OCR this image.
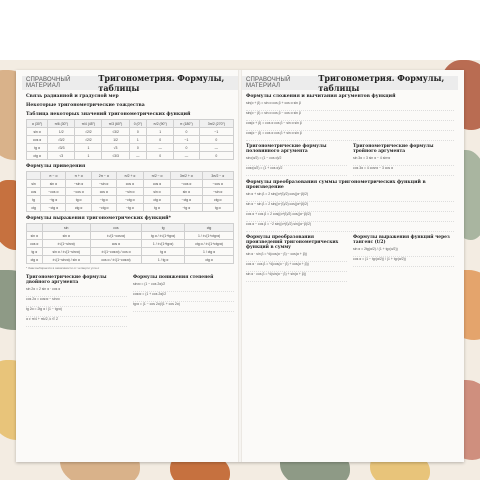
СПРАВОЧНЫЙ МАТЕРИАЛ
Тригонометрия. Формулы, таблицы
Связь радианной и градусной мер
Некоторые тригонометрические тождества
Таблица некоторых значений тригонометрических функций
α (30°)	π/6 (30°)	π/4 (45°)	π/3 (60°)	0 (0°)	π/2 (90°)	π (180°)	3π/2 (270°)
sin α	1/2	√2/2	√3/2	0	1	0	−1
cos α	√3/2	√2/2	1/2	1	0	−1	0
tg α	√3/3	1	√3	0	—	0	—
ctg α	√3	1	√3/3	—	0	—	0
Формулы приведения
	π − α	π + α	2π − α	π/2 + α	π/2 − α	3π/2 + α	3π/2 − α
sin	sin α	−sin α	−sin α	cos α	cos α	−cos α	−cos α
cos	−cos α	−cos α	cos α	−sin α	sin α	sin α	−sin α
tg	−tg α	tg α	−tg α	−ctg α	ctg α	−ctg α	ctg α
ctg	−ctg α	ctg α	−ctg α	−tg α	tg α	−tg α	tg α
Формулы выражения тригонометрических функций*
	sin	cos	tg	ctg
sin α	sin α	±√(1−cos²α)	tg α / ±√(1+tg²α)	1 / ±√(1+ctg²α)
cos α	±√(1−sin²α)	cos α	1 / ±√(1+tg²α)	ctg α / ±√(1+ctg²α)
tg α	sin α / ±√(1−sin²α)	±√(1−cos²α) / cos α	tg α	1 / ctg α
ctg α	±√(1−sin²α) / sin α	cos α / ±√(1−cos²α)	1 / tg α	ctg α
* Знак выбирается в зависимости от четверти угла α
Тригонометрические формулы двойного аргумента
sin 2α = 2 sin α · cos α
cos 2α = cos²α − sin²α
tg 2α = 2tg α / (1 − tg²α)
α ≠ π/4 + πk/2, k ∈ Z
Формулы понижения степеней
sin²α = (1 − cos 2α)/2
cos²α = (1 + cos 2α)/2
tg²α = (1 − cos 2α)/(1 + cos 2α)
СПРАВОЧНЫЙ МАТЕРИАЛ
Тригонометрия. Формулы, таблицы
Формулы сложения и вычитания аргументов функций
sin(α + β) = sin α cos β + cos α sin β
sin(α − β) = sin α cos β − cos α sin β
cos(α + β) = cos α cos β − sin α sin β
cos(α − β) = cos α cos β + sin α sin β
Тригонометрические формулы половинного аргумента
sin²(α/2) = (1 − cos α)/2
cos²(α/2) = (1 + cos α)/2
Тригонометрические формулы тройного аргумента
sin 3α = 3 sin α − 4 sin³α
cos 3α = 4 cos³α − 3 cos α
Формулы преобразования суммы тригонометрических функций в произведение
sin α + sin β = 2 sin((α+β)/2) cos((α−β)/2)
sin α − sin β = 2 sin((α−β)/2) cos((α+β)/2)
cos α + cos β = 2 cos((α+β)/2) cos((α−β)/2)
cos α − cos β = −2 sin((α+β)/2) sin((α−β)/2)
Формулы преобразования произведений тригонометрических функций в сумму
sin α · sin β = ½(cos(α − β) − cos(α + β))
cos α · cos β = ½(cos(α − β) + cos(α + β))
sin α · cos β = ½(sin(α − β) + sin(α + β))
Формулы выражения функций через тангенс (t/2)
sin α = 2tg(α/2) / (1 + tg²(α/2))
cos α = (1 − tg²(α/2)) / (1 + tg²(α/2))
